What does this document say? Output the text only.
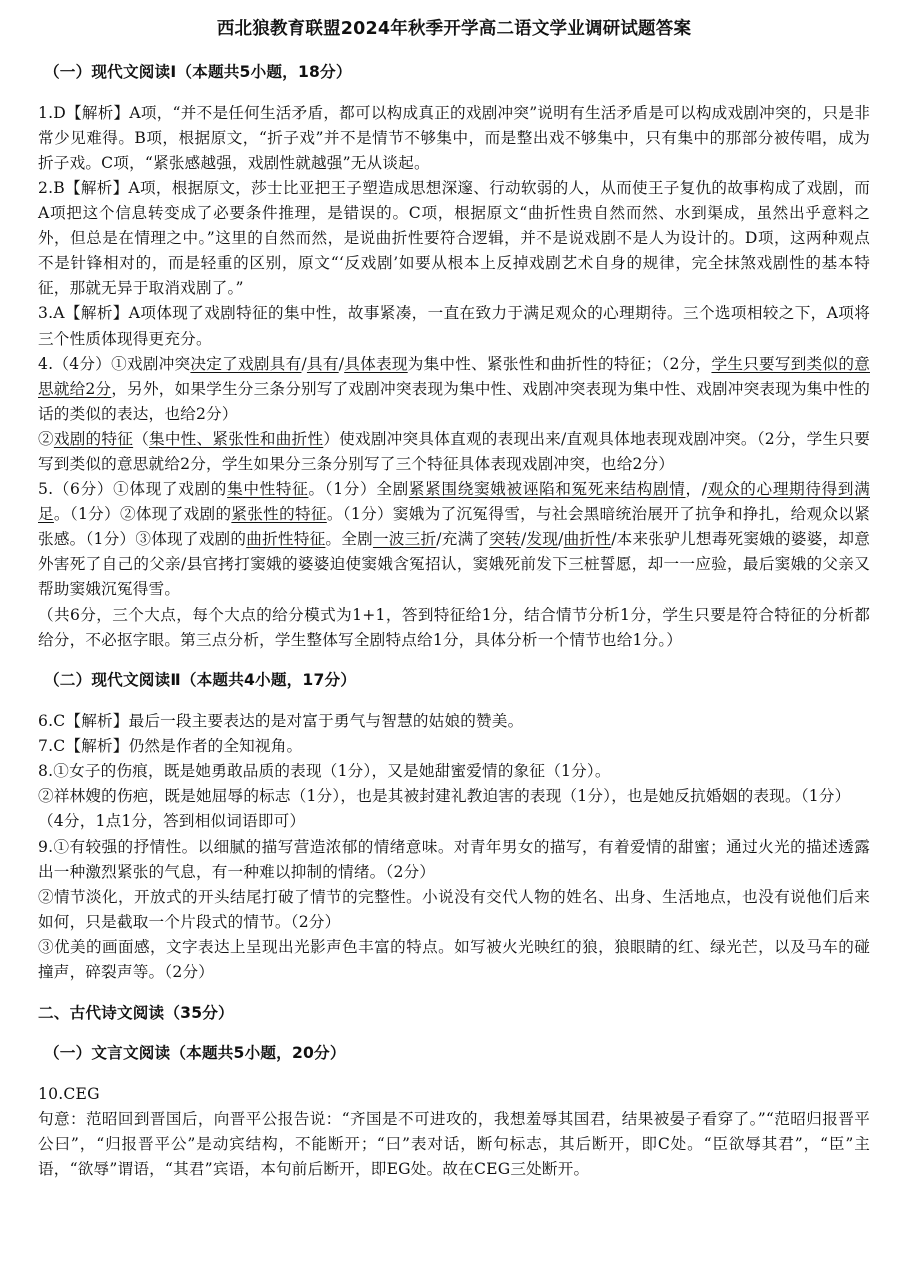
西北狼教育联盟2024年秋季开学高二语文学业调研试题答案

（一）现代文阅读Ⅰ（本题共5小题，18分）

1.D【解析】A项，“并不是任何生活矛盾，都可以构成真正的戏剧冲突”说明有生活矛盾是可以构成戏剧冲突的，只是非常少见难得。B项，根据原文，“折子戏”并不是情节不够集中，而是整出戏不够集中，只有集中的那部分被传唱，成为折子戏。C项，“紧张感越强，戏剧性就越强”无从谈起。

2.B【解析】A项，根据原文，莎士比亚把王子塑造成思想深邃、行动软弱的人，从而使王子复仇的故事构成了戏剧，而A项把这个信息转变成了必要条件推理，是错误的。C项，根据原文“曲折性贵自然而然、水到渠成，虽然出乎意料之外，但总是在情理之中。”这里的自然而然，是说曲折性要符合逻辑，并不是说戏剧不是人为设计的。D项，这两种观点不是针锋相对的，而是轻重的区别，原文“‘反戏剧’如要从根本上反掉戏剧艺术自身的规律，完全抹煞戏剧性的基本特征，那就无异于取消戏剧了。”

3.A【解析】A项体现了戏剧特征的集中性，故事紧凑，一直在致力于满足观众的心理期待。三个选项相较之下，A项将三个性质体现得更充分。

4.（4分）①戏剧冲突决定了戏剧具有/具有/具体表现为集中性、紧张性和曲折性的特征；（2分，学生只要写到类似的意思就给2分，另外，如果学生分三条分别写了戏剧冲突表现为集中性、戏剧冲突表现为集中性、戏剧冲突表现为集中性的话的类似的表达，也给2分）

②戏剧的特征（集中性、紧张性和曲折性）使戏剧冲突具体直观的表现出来/直观具体地表现戏剧冲突。（2分，学生只要写到类似的意思就给2分，学生如果分三条分别写了三个特征具体表现戏剧冲突，也给2分）

5.（6分）①体现了戏剧的集中性特征。（1分）全剧紧紧围绕窦娥被诬陷和冤死来结构剧情，/观众的心理期待得到满足。（1分）②体现了戏剧的紧张性的特征。（1分）窦娥为了沉冤得雪，与社会黑暗统治展开了抗争和挣扎，给观众以紧张感。（1分）③体现了戏剧的曲折性特征。全剧一波三折/充满了突转/发现/曲折性/本来张驴儿想毒死窦娥的婆婆，却意外害死了自己的父亲/县官拷打窦娥的婆婆迫使窦娥含冤招认，窦娥死前发下三桩誓愿，却一一应验，最后窦娥的父亲又帮助窦娥沉冤得雪。

（共6分，三个大点，每个大点的给分模式为1+1，答到特征给1分，结合情节分析1分，学生只要是符合特征的分析都给分，不必抠字眼。第三点分析，学生整体写全剧特点给1分，具体分析一个情节也给1分。）

（二）现代文阅读Ⅱ（本题共4小题，17分）

6.C【解析】最后一段主要表达的是对富于勇气与智慧的姑娘的赞美。

7.C【解析】仍然是作者的全知视角。

8.①女子的伤痕，既是她勇敢品质的表现（1分），又是她甜蜜爱情的象征（1分）。

②祥林嫂的伤疤，既是她屈辱的标志（1分），也是其被封建礼教迫害的表现（1分），也是她反抗婚姻的表现。（1分）

（4分，1点1分，答到相似词语即可）

9.①有较强的抒情性。以细腻的描写营造浓郁的情绪意味。对青年男女的描写，有着爱情的甜蜜；通过火光的描述透露出一种激烈紧张的气息，有一种难以抑制的情绪。（2分）

②情节淡化，开放式的开头结尾打破了情节的完整性。小说没有交代人物的姓名、出身、生活地点，也没有说他们后来如何，只是截取一个片段式的情节。（2分）

③优美的画面感，文字表达上呈现出光影声色丰富的特点。如写被火光映红的狼，狼眼睛的红、绿光芒，以及马车的碰撞声，碎裂声等。（2分）

二、古代诗文阅读（35分）

（一）文言文阅读（本题共5小题，20分）

10.CEG

句意：范昭回到晋国后，向晋平公报告说：“齐国是不可进攻的，我想羞辱其国君，结果被晏子看穿了。”“范昭归报晋平公曰”，“归报晋平公”是动宾结构，不能断开；“曰”表对话，断句标志，其后断开，即C处。“臣欲辱其君”，“臣”主语，“欲辱”谓语，“其君”宾语，本句前后断开，即EG处。故在CEG三处断开。
